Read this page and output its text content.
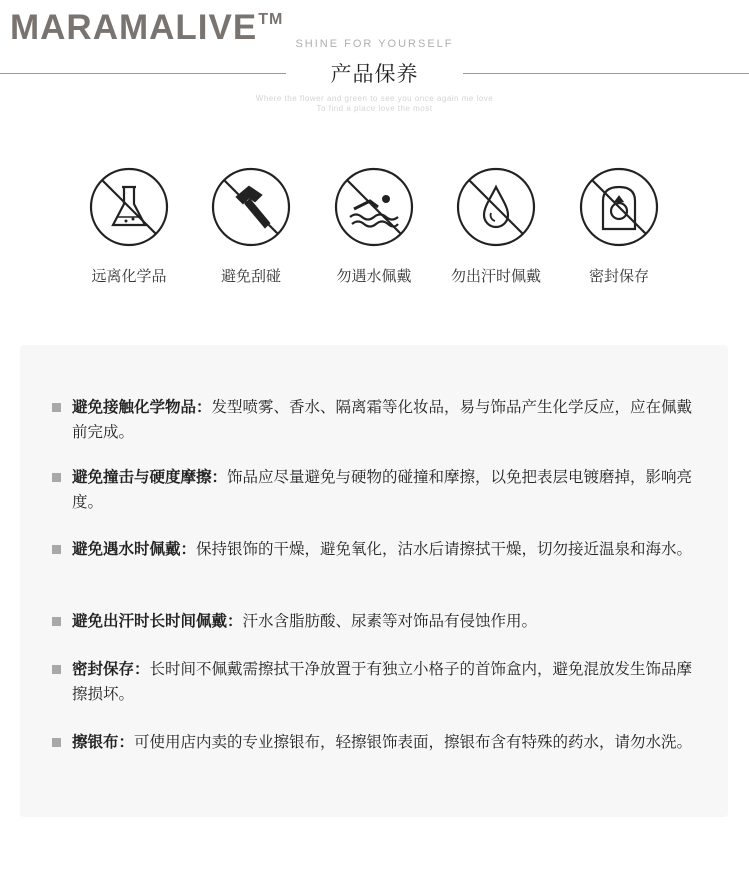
MARAMALIVE™
SHINE FOR YOURSELF
产品保养
Where the flower and green to see you once again me love
To find a place love the most
远离化学品	避免刮碰	勿遇水佩戴	勿出汗时佩戴	密封保存
避免接触化学物品：发型喷雾、香水、隔离霜等化妆品，易与饰品产生化学反应，应在佩戴前完成。
避免撞击与硬度摩擦：饰品应尽量避免与硬物的碰撞和摩擦，以免把表层电镀磨掉，影响亮度。
避免遇水时佩戴：保持银饰的干燥，避免氧化，沽水后请擦拭干燥，切勿接近温泉和海水。
避免出汗时长时间佩戴：汗水含脂肪酸、尿素等对饰品有侵蚀作用。
密封保存：长时间不佩戴需擦拭干净放置于有独立小格子的首饰盒内，避免混放发生饰品摩擦损坏。
擦银布：可使用店内卖的专业擦银布，轻擦银饰表面，擦银布含有特殊的药水，请勿水洗。
